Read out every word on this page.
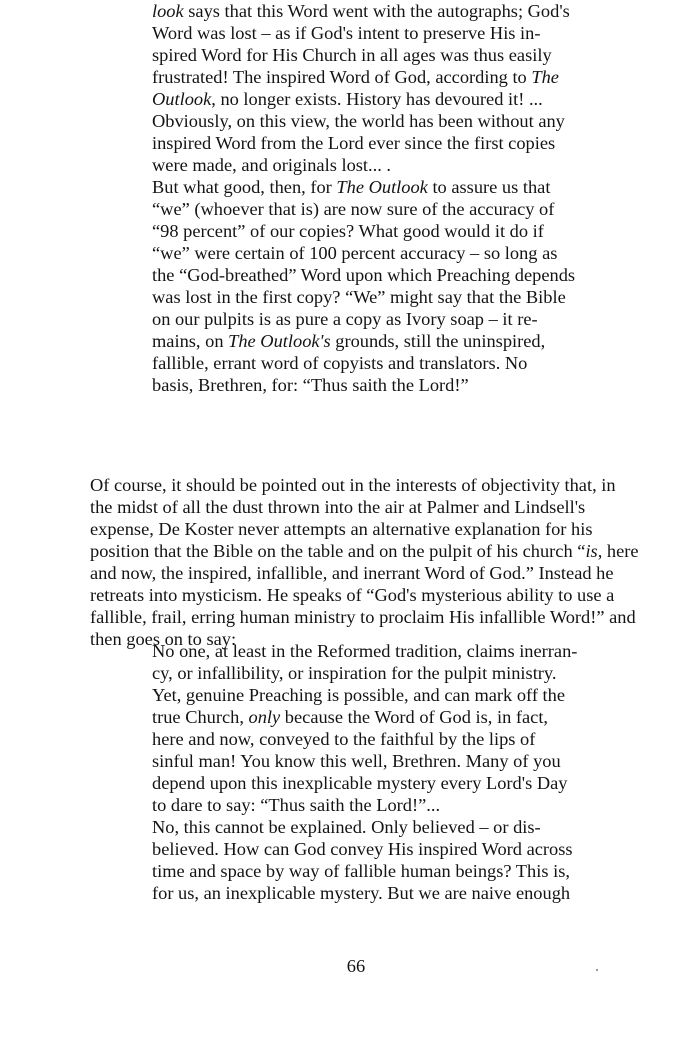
look says that this Word went with the autographs; God's
Word was lost – as if God's intent to preserve His in-
spired Word for His Church in all ages was thus easily
frustrated! The inspired Word of God, according to The
Outlook, no longer exists. History has devoured it! ...
Obviously, on this view, the world has been without any
inspired Word from the Lord ever since the first copies
were made, and originals lost... .
But what good, then, for The Outlook to assure us that
“we” (whoever that is) are now sure of the accuracy of
“98 percent” of our copies? What good would it do if
“we” were certain of 100 percent accuracy – so long as
the “God-breathed” Word upon which Preaching depends
was lost in the first copy? “We” might say that the Bible
on our pulpits is as pure a copy as Ivory soap – it re-
mains, on The Outlook's grounds, still the uninspired,
fallible, errant word of copyists and translators. No
basis, Brethren, for: “Thus saith the Lord!”
Of course, it should be pointed out in the interests of objectivity that, in
the midst of all the dust thrown into the air at Palmer and Lindsell's
expense, De Koster never attempts an alternative explanation for his
position that the Bible on the table and on the pulpit of his church “is, here
and now, the inspired, infallible, and inerrant Word of God.” Instead he
retreats into mysticism. He speaks of “God's mysterious ability to use a
fallible, frail, erring human ministry to proclaim His infallible Word!” and
then goes on to say:
No one, at least in the Reformed tradition, claims inerran-
cy, or infallibility, or inspiration for the pulpit ministry.
Yet, genuine Preaching is possible, and can mark off the
true Church, only because the Word of God is, in fact,
here and now, conveyed to the faithful by the lips of
sinful man! You know this well, Brethren. Many of you
depend upon this inexplicable mystery every Lord's Day
to dare to say: “Thus saith the Lord!”...
No, this cannot be explained. Only believed – or dis-
believed. How can God convey His inspired Word across
time and space by way of fallible human beings? This is,
for us, an inexplicable mystery. But we are naive enough
66
